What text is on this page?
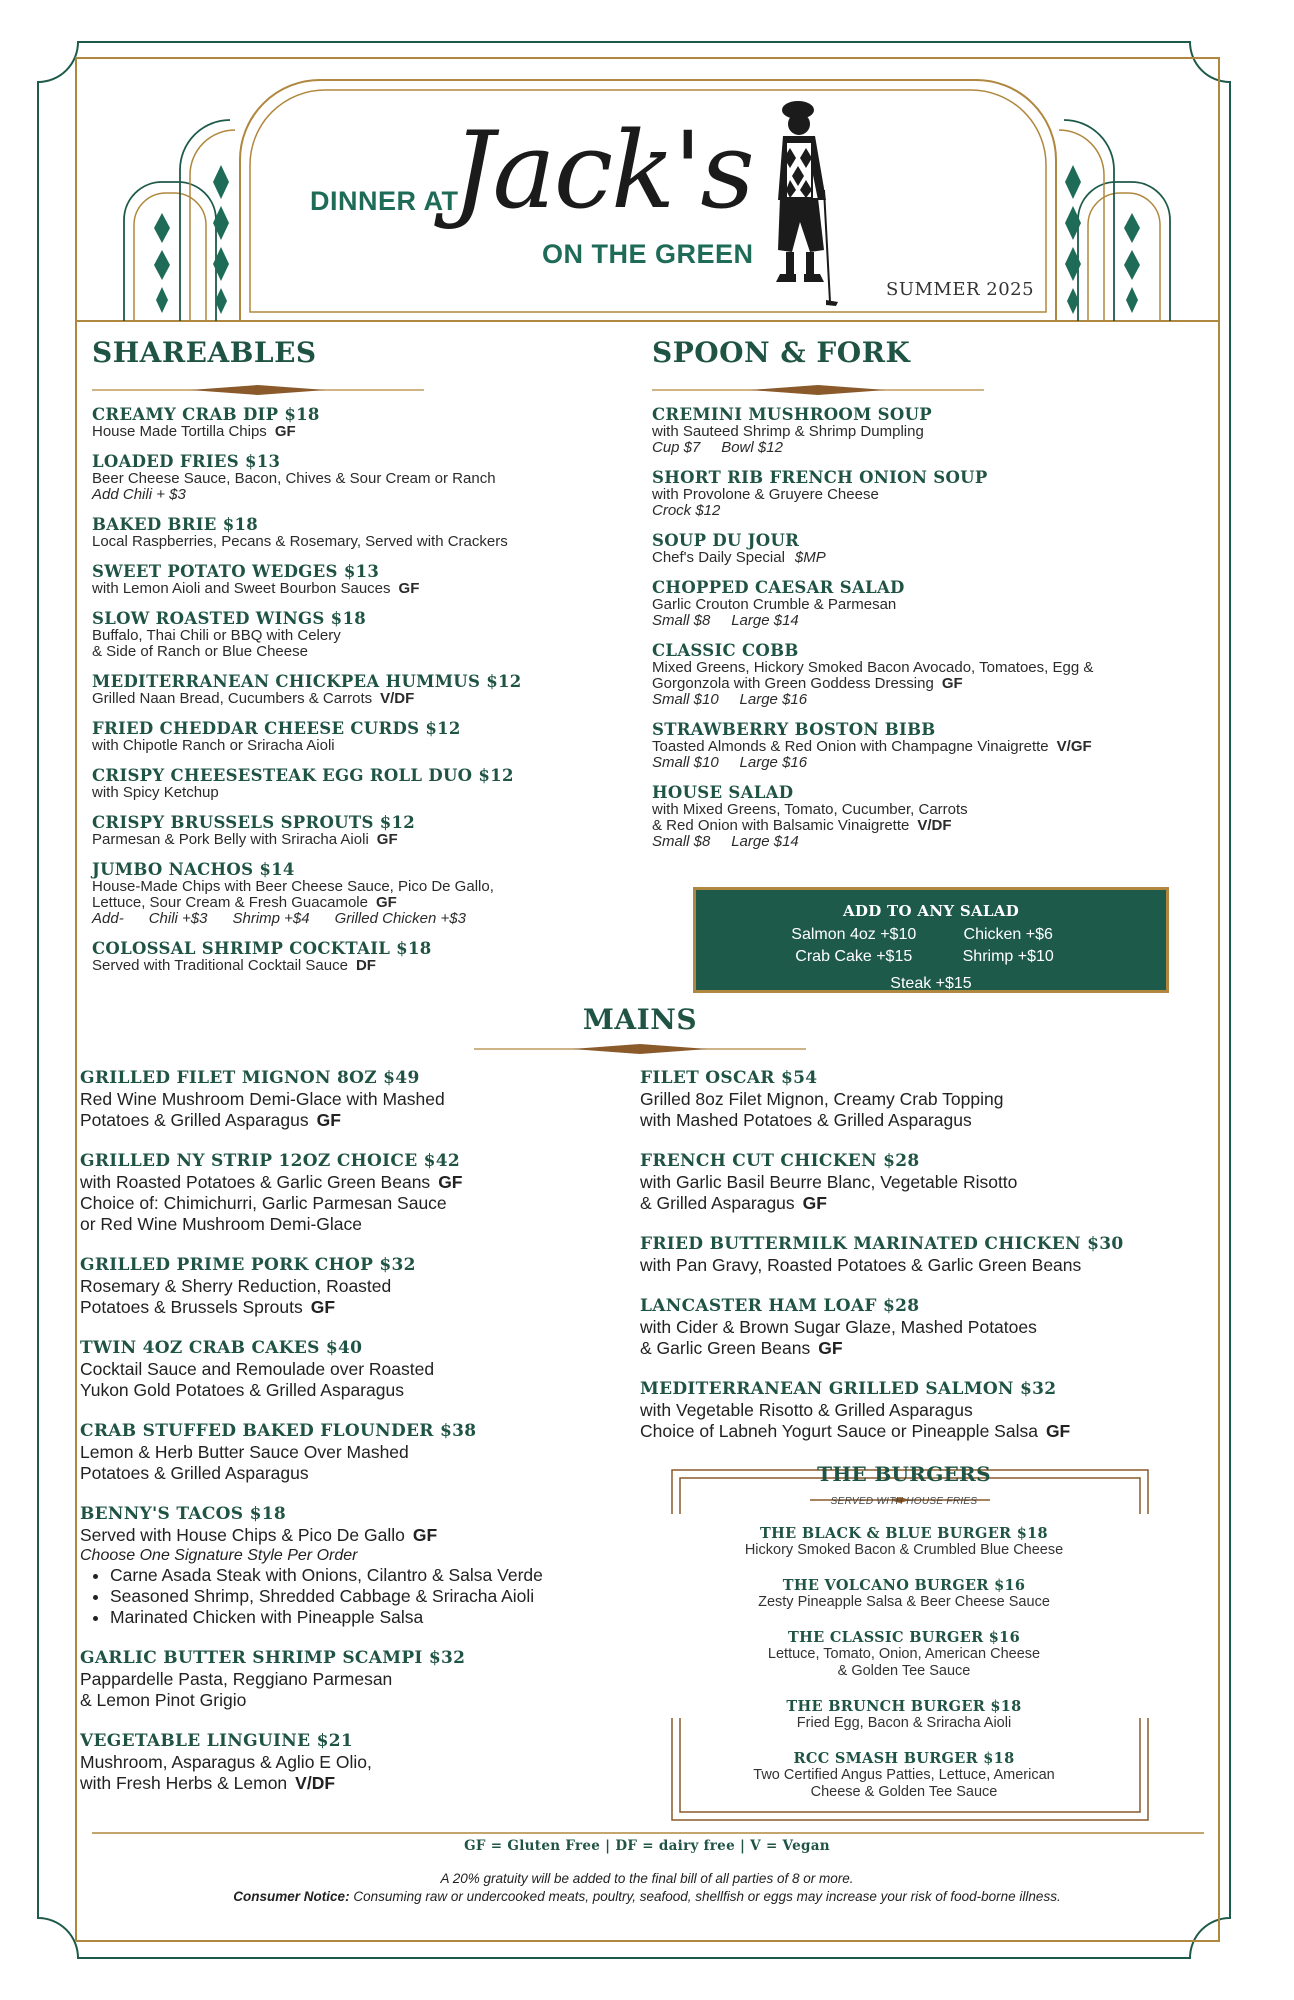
DINNER AT
Jack's
ON THE GREEN
SUMMER 2025
SHAREABLES
CREAMY CRAB DIP $18
House Made Tortilla Chips GF
LOADED FRIES $13
Beer Cheese Sauce, Bacon, Chives & Sour Cream or Ranch
Add Chili + $3
BAKED BRIE $18
Local Raspberries, Pecans & Rosemary, Served with Crackers
SWEET POTATO WEDGES $13
with Lemon Aioli and Sweet Bourbon Sauces GF
SLOW ROASTED WINGS $18
Buffalo, Thai Chili or BBQ with Celery
& Side of Ranch or Blue Cheese
MEDITERRANEAN CHICKPEA HUMMUS $12
Grilled Naan Bread, Cucumbers & Carrots V/DF
FRIED CHEDDAR CHEESE CURDS $12
with Chipotle Ranch or Sriracha Aioli
CRISPY CHEESESTEAK EGG ROLL DUO $12
with Spicy Ketchup
CRISPY BRUSSELS SPROUTS $12
Parmesan & Pork Belly with Sriracha Aioli GF
JUMBO NACHOS $14
House-Made Chips with Beer Cheese Sauce, Pico De Gallo,
Lettuce, Sour Cream & Fresh Guacamole GF
Add-      Chili +$3      Shrimp +$4      Grilled Chicken +$3
COLOSSAL SHRIMP COCKTAIL $18
Served with Traditional Cocktail Sauce DF
SPOON & FORK
CREMINI MUSHROOM SOUP
with Sauteed Shrimp & Shrimp Dumpling
Cup $7     Bowl $12
SHORT RIB FRENCH ONION SOUP
with Provolone & Gruyere Cheese
Crock $12
SOUP DU JOUR
Chef's Daily Special $MP
CHOPPED CAESAR SALAD
Garlic Crouton Crumble & Parmesan
Small $8     Large $14
CLASSIC COBB
Mixed Greens, Hickory Smoked Bacon Avocado, Tomatoes, Egg &
Gorgonzola with Green Goddess Dressing GF
Small $10     Large $16
STRAWBERRY BOSTON BIBB
Toasted Almonds & Red Onion with Champagne Vinaigrette V/GF
Small $10     Large $16
HOUSE SALAD
with Mixed Greens, Tomato, Cucumber, Carrots
& Red Onion with Balsamic Vinaigrette V/DF
Small $8     Large $14
ADD TO ANY SALAD
Salmon 4oz +$10	Chicken +$6
Crab Cake +$15	Shrimp +$10
Steak +$15
MAINS
GRILLED FILET MIGNON 8OZ $49
Red Wine Mushroom Demi-Glace with Mashed
Potatoes & Grilled Asparagus GF
GRILLED NY STRIP 12OZ CHOICE $42
with Roasted Potatoes & Garlic Green Beans GF
Choice of: Chimichurri, Garlic Parmesan Sauce
or Red Wine Mushroom Demi-Glace
GRILLED PRIME PORK CHOP $32
Rosemary & Sherry Reduction, Roasted
Potatoes & Brussels Sprouts GF
TWIN 4OZ CRAB CAKES $40
Cocktail Sauce and Remoulade over Roasted
Yukon Gold Potatoes & Grilled Asparagus
CRAB STUFFED BAKED FLOUNDER $38
Lemon & Herb Butter Sauce Over Mashed
Potatoes & Grilled Asparagus
BENNY'S TACOS $18
Served with House Chips & Pico De Gallo GF
Choose One Signature Style Per Order
• Carne Asada Steak with Onions, Cilantro & Salsa Verde
• Seasoned Shrimp, Shredded Cabbage & Sriracha Aioli
• Marinated Chicken with Pineapple Salsa
GARLIC BUTTER SHRIMP SCAMPI $32
Pappardelle Pasta, Reggiano Parmesan
& Lemon Pinot Grigio
VEGETABLE LINGUINE $21
Mushroom, Asparagus & Aglio E Olio,
with Fresh Herbs & Lemon V/DF
FILET OSCAR $54
Grilled 8oz Filet Mignon, Creamy Crab Topping
with Mashed Potatoes & Grilled Asparagus
FRENCH CUT CHICKEN $28
with Garlic Basil Beurre Blanc, Vegetable Risotto
& Grilled Asparagus GF
FRIED BUTTERMILK MARINATED CHICKEN $30
with Pan Gravy, Roasted Potatoes & Garlic Green Beans
LANCASTER HAM LOAF $28
with Cider & Brown Sugar Glaze, Mashed Potatoes
& Garlic Green Beans GF
MEDITERRANEAN GRILLED SALMON $32
with Vegetable Risotto & Grilled Asparagus
Choice of Labneh Yogurt Sauce or Pineapple Salsa GF
THE BURGERS
SERVED WITH HOUSE FRIES
THE BLACK & BLUE BURGER $18
Hickory Smoked Bacon & Crumbled Blue Cheese
THE VOLCANO BURGER $16
Zesty Pineapple Salsa & Beer Cheese Sauce
THE CLASSIC BURGER $16
Lettuce, Tomato, Onion, American Cheese
& Golden Tee Sauce
THE BRUNCH BURGER $18
Fried Egg, Bacon & Sriracha Aioli
RCC SMASH BURGER $18
Two Certified Angus Patties, Lettuce, American
Cheese & Golden Tee Sauce
GF = Gluten Free | DF = dairy free | V = Vegan
A 20% gratuity will be added to the final bill of all parties of 8 or more.
Consumer Notice: Consuming raw or undercooked meats, poultry, seafood, shellfish or eggs may increase your risk of food-borne illness.
